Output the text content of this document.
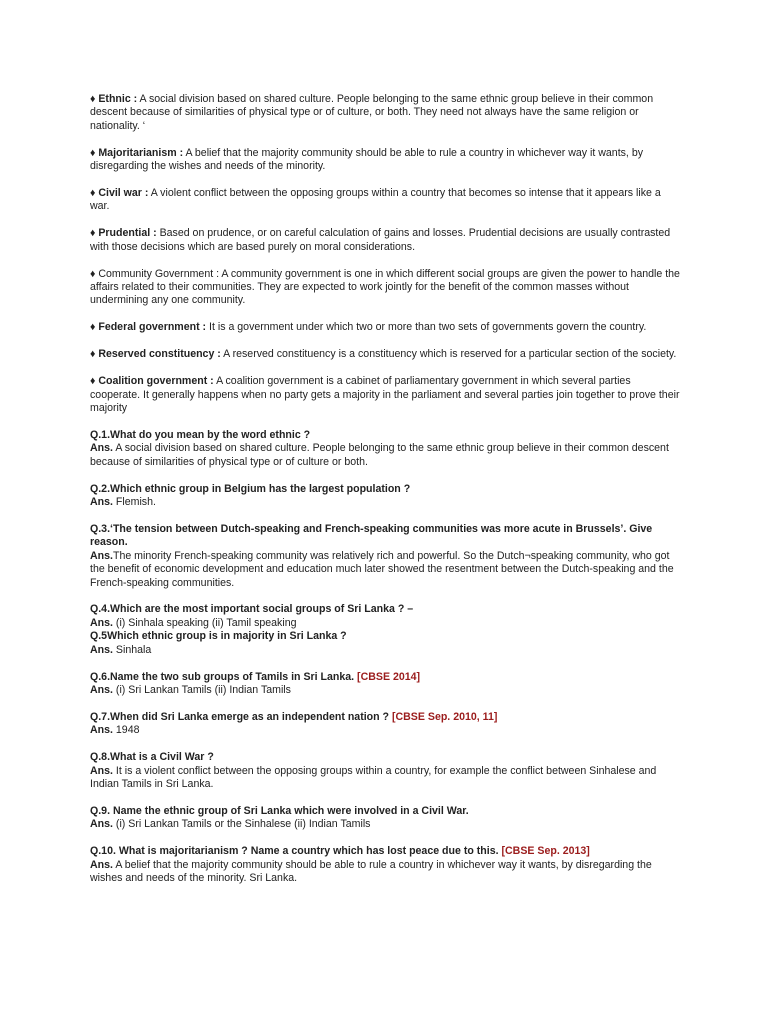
♦ Ethnic : A social division based on shared culture. People belonging to the same ethnic group believe in their common descent because of similarities of physical type or of culture, or both. They need not always have the same religion or nationality. ‘

♦ Majoritarianism : A belief that the majority community should be able to rule a country in whichever way it wants, by disregarding the wishes and needs of the minority.

♦ Civil war : A violent conflict between the opposing groups within a country that becomes so intense that it appears like a war.

♦ Prudential : Based on prudence, or on careful calculation of gains and losses. Prudential decisions are usually contrasted with those decisions which are based purely on moral considerations.

♦ Community Government : A community government is one in which different social groups are given the power to handle the affairs related to their communities. They are expected to work jointly for the benefit of the common masses without undermining any one community.

♦ Federal government : It is a government under which two or more than two sets of governments govern the country.

♦ Reserved constituency : A reserved constituency is a constituency which is reserved for a particular section of the society.

♦ Coalition government : A coalition government is a cabinet of parliamentary government in which several parties cooperate. It generally happens when no party gets a majority in the parliament and several parties join together to prove their majority

Q.1.What do you mean by the word ethnic ?

Ans. A social division based on shared culture. People belonging to the same ethnic group believe in their common descent because of similarities of physical type or of culture or both.

Q.2.Which ethnic group in Belgium has the largest population ?

Ans. Flemish.

Q.3.‘The tension between Dutch-speaking and French-speaking communities was more acute in Brussels’. Give reason.

Ans.The minority French-speaking community was relatively rich and powerful. So the Dutch¬speaking community, who got the benefit of economic development and education much later showed the resentment between the Dutch-speaking and the French-speaking communities.

Q.4.Which are the most important social groups of Sri Lanka ? –

Ans. (i) Sinhala speaking (ii) Tamil speaking

Q.5Which ethnic group is in majority in Sri Lanka ?

Ans. Sinhala

Q.6.Name the two sub groups of Tamils in Sri Lanka. [CBSE 2014]

Ans. (i) Sri Lankan Tamils (ii) Indian Tamils

Q.7.When did Sri Lanka emerge as an independent nation ? [CBSE Sep. 2010, 11]

Ans. 1948

Q.8.What is a Civil War ?

Ans. It is a violent conflict between the opposing groups within a country, for example the conflict between Sinhalese and Indian Tamils in Sri Lanka.

Q.9. Name the ethnic group of Sri Lanka which were involved in a Civil War.

Ans. (i) Sri Lankan Tamils or the Sinhalese (ii) Indian Tamils

Q.10. What is majoritarianism ? Name a country which has lost peace due to this. [CBSE Sep. 2013]

Ans. A belief that the majority community should be able to rule a country in whichever way it wants, by disregarding the wishes and needs of the minority. Sri Lanka.
